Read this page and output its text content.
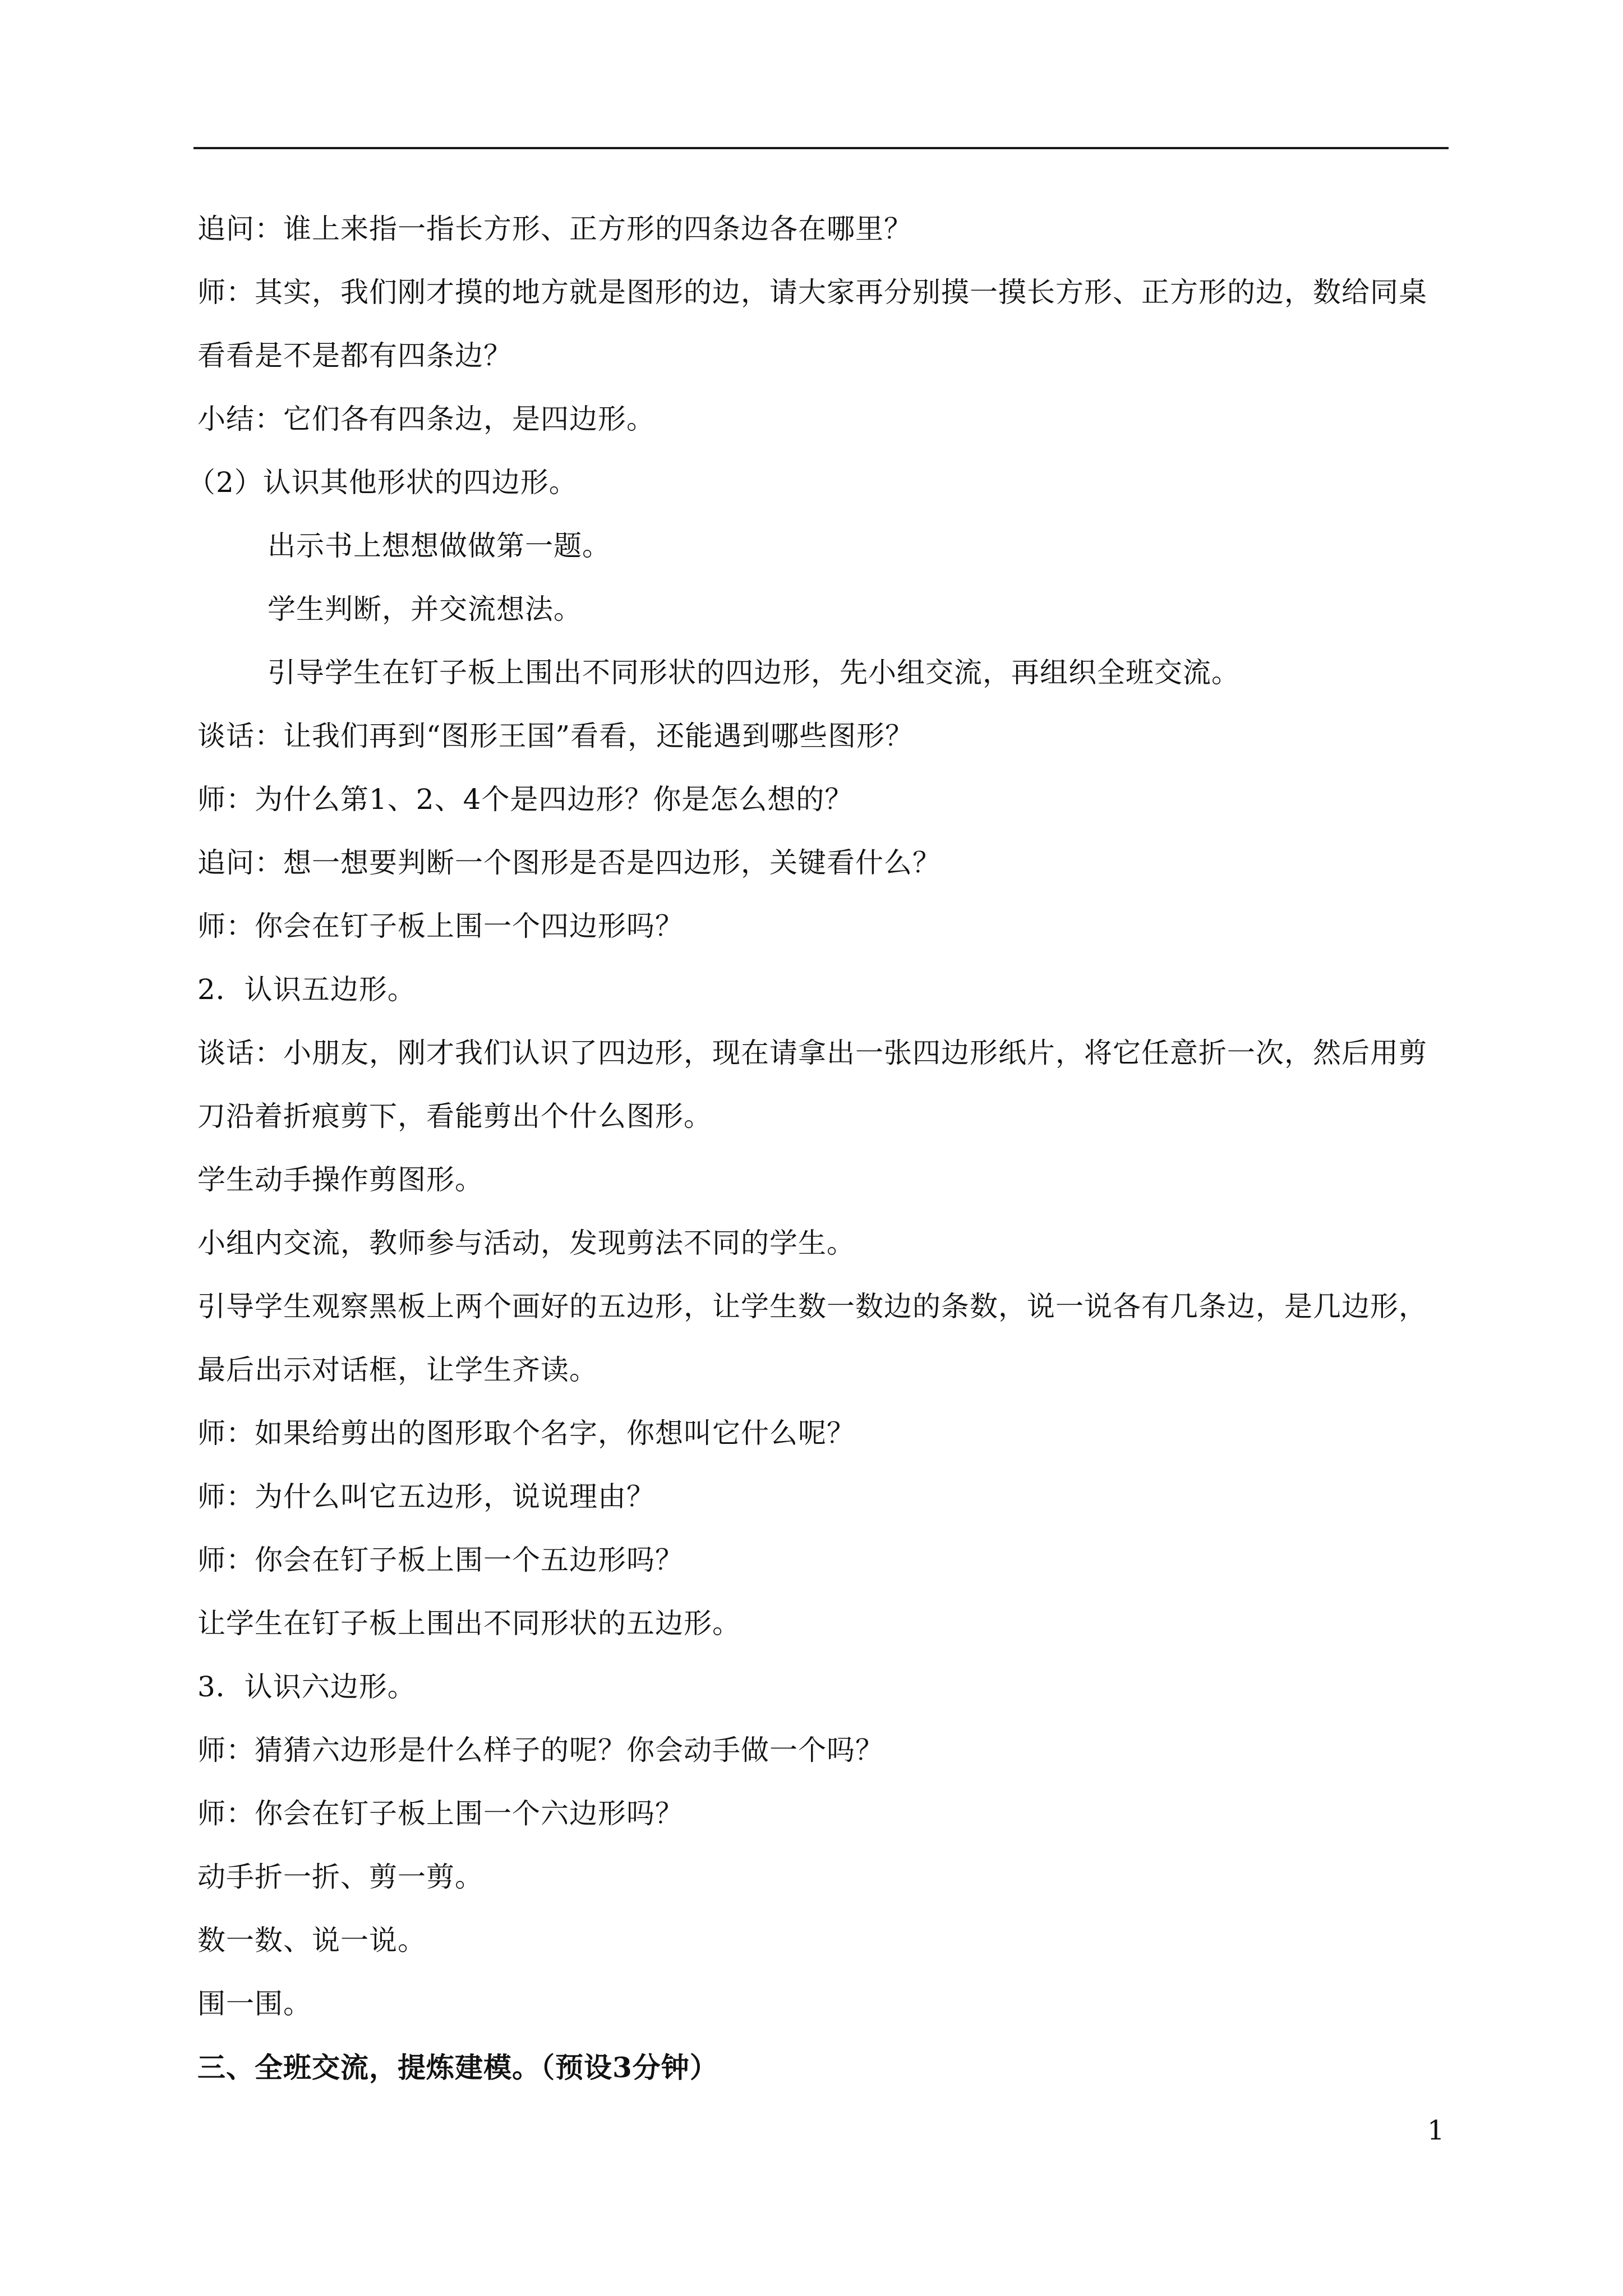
追问：谁上来指一指长方形、正方形的四条边各在哪里？

师：其实，我们刚才摸的地方就是图形的边，请大家再分别摸一摸长方形、正方形的边，数给同桌看看是不是都有四条边？

小结：它们各有四条边，是四边形。

（2）认识其他形状的四边形。

出示书上想想做做第一题。

学生判断，并交流想法。

引导学生在钉子板上围出不同形状的四边形，先小组交流，再组织全班交流。

谈话：让我们再到“图形王国”看看，还能遇到哪些图形？

师：为什么第1、2、4个是四边形？你是怎么想的？

追问：想一想要判断一个图形是否是四边形，关键看什么？

师：你会在钉子板上围一个四边形吗？

2．认识五边形。

谈话：小朋友，刚才我们认识了四边形，现在请拿出一张四边形纸片，将它任意折一次，然后用剪刀沿着折痕剪下，看能剪出个什么图形。

学生动手操作剪图形。

小组内交流，教师参与活动，发现剪法不同的学生。

引导学生观察黑板上两个画好的五边形，让学生数一数边的条数，说一说各有几条边，是几边形，最后出示对话框，让学生齐读。

师：如果给剪出的图形取个名字，你想叫它什么呢？

师：为什么叫它五边形，说说理由？

师：你会在钉子板上围一个五边形吗？

让学生在钉子板上围出不同形状的五边形。

3．认识六边形。

师：猜猜六边形是什么样子的呢？你会动手做一个吗？

师：你会在钉子板上围一个六边形吗？

动手折一折、剪一剪。

数一数、说一说。

围一围。

三、全班交流，提炼建模。（预设3分钟）

1
